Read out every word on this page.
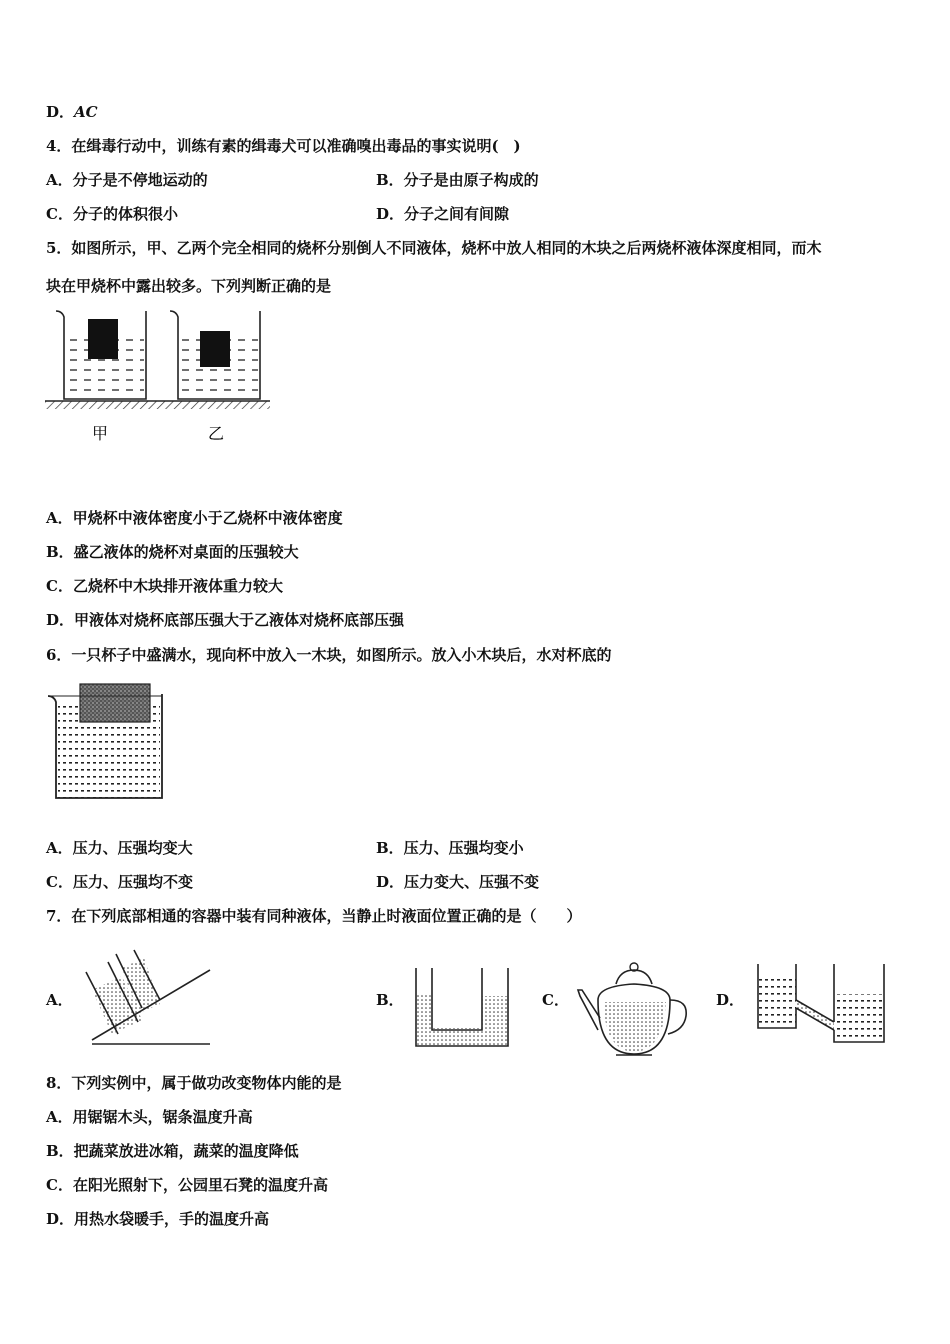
D．AC
4．在缉毒行动中，训练有素的缉毒犬可以准确嗅出毒品的事实说明(　)
A．分子是不停地运动的	B．分子是由原子构成的
C．分子的体积很小	D．分子之间有间隙
5．如图所示，甲、乙两个完全相同的烧杯分别倒人不同液体，烧杯中放人相同的木块之后两烧杯液体深度相同，而木
块在甲烧杯中露出较多。下列判断正确的是
甲	乙
A．甲烧杯中液体密度小于乙烧杯中液体密度
B．盛乙液体的烧杯对桌面的压强较大
C．乙烧杯中木块排开液体重力较大
D．甲液体对烧杯底部压强大于乙液体对烧杯底部压强
6．一只杯子中盛满水，现向杯中放入一木块，如图所示。放入小木块后，水对杯底的
A．压力、压强均变大	B．压力、压强均变小
C．压力、压强均不变	D．压力变大、压强不变
7．在下列底部相通的容器中装有同种液体，当静止时液面位置正确的是（　　）
A．	B．	C．	D．
8．下列实例中，属于做功改变物体内能的是
A．用锯锯木头，锯条温度升高
B．把蔬菜放进冰箱，蔬菜的温度降低
C．在阳光照射下，公园里石凳的温度升高
D．用热水袋暖手，手的温度升高
